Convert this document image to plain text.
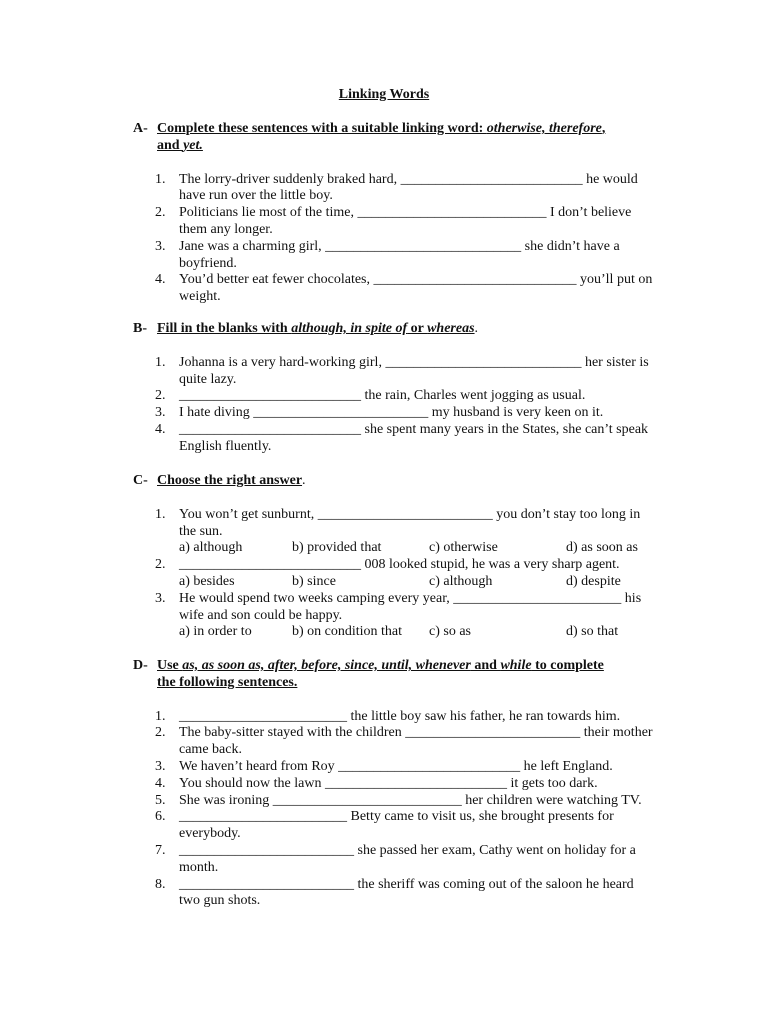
Linking Words
A- Complete these sentences with a suitable linking word: otherwise, therefore,
and yet.
1. The lorry-driver suddenly braked hard, __________________________ he would have run over the little boy.
2. Politicians lie most of the time, ___________________________ I don’t believe them any longer.
3. Jane was a charming girl, ____________________________ she didn’t have a boyfriend.
4. You’d better eat fewer chocolates, _____________________________ you’ll put on weight.
B- Fill in the blanks with although, in spite of or whereas.
1. Johanna is a very hard-working girl, ____________________________ her sister is quite lazy.
2. __________________________ the rain, Charles went jogging as usual.
3. I hate diving _________________________ my husband is very keen on it.
4. __________________________ she spent many years in the States, she can’t speak English fluently.
C- Choose the right answer.
1. You won’t get sunburnt, _________________________ you don’t stay too long in the sun.
a) although	b) provided that	c) otherwise	d) as soon as
2. __________________________ 008 looked stupid, he was a very sharp agent.
a) besides	b) since	c) although	d) despite
3. He would spend two weeks camping every year, ________________________ his wife and son could be happy.
a) in order to	b) on condition that c) so as	d) so that
D- Use as, as soon as, after, before, since, until, whenever and while to complete
the following sentences.
1. ________________________ the little boy saw his father, he ran towards him.
2. The baby-sitter stayed with the children _________________________ their mother came back.
3. We haven’t heard from Roy __________________________ he left England.
4. You should now the lawn __________________________ it gets too dark.
5. She was ironing ___________________________ her children were watching TV.
6. ________________________ Betty came to visit us, she brought presents for everybody.
7. _________________________ she passed her exam, Cathy went on holiday for a month.
8. _________________________ the sheriff was coming out of the saloon he heard two gun shots.
